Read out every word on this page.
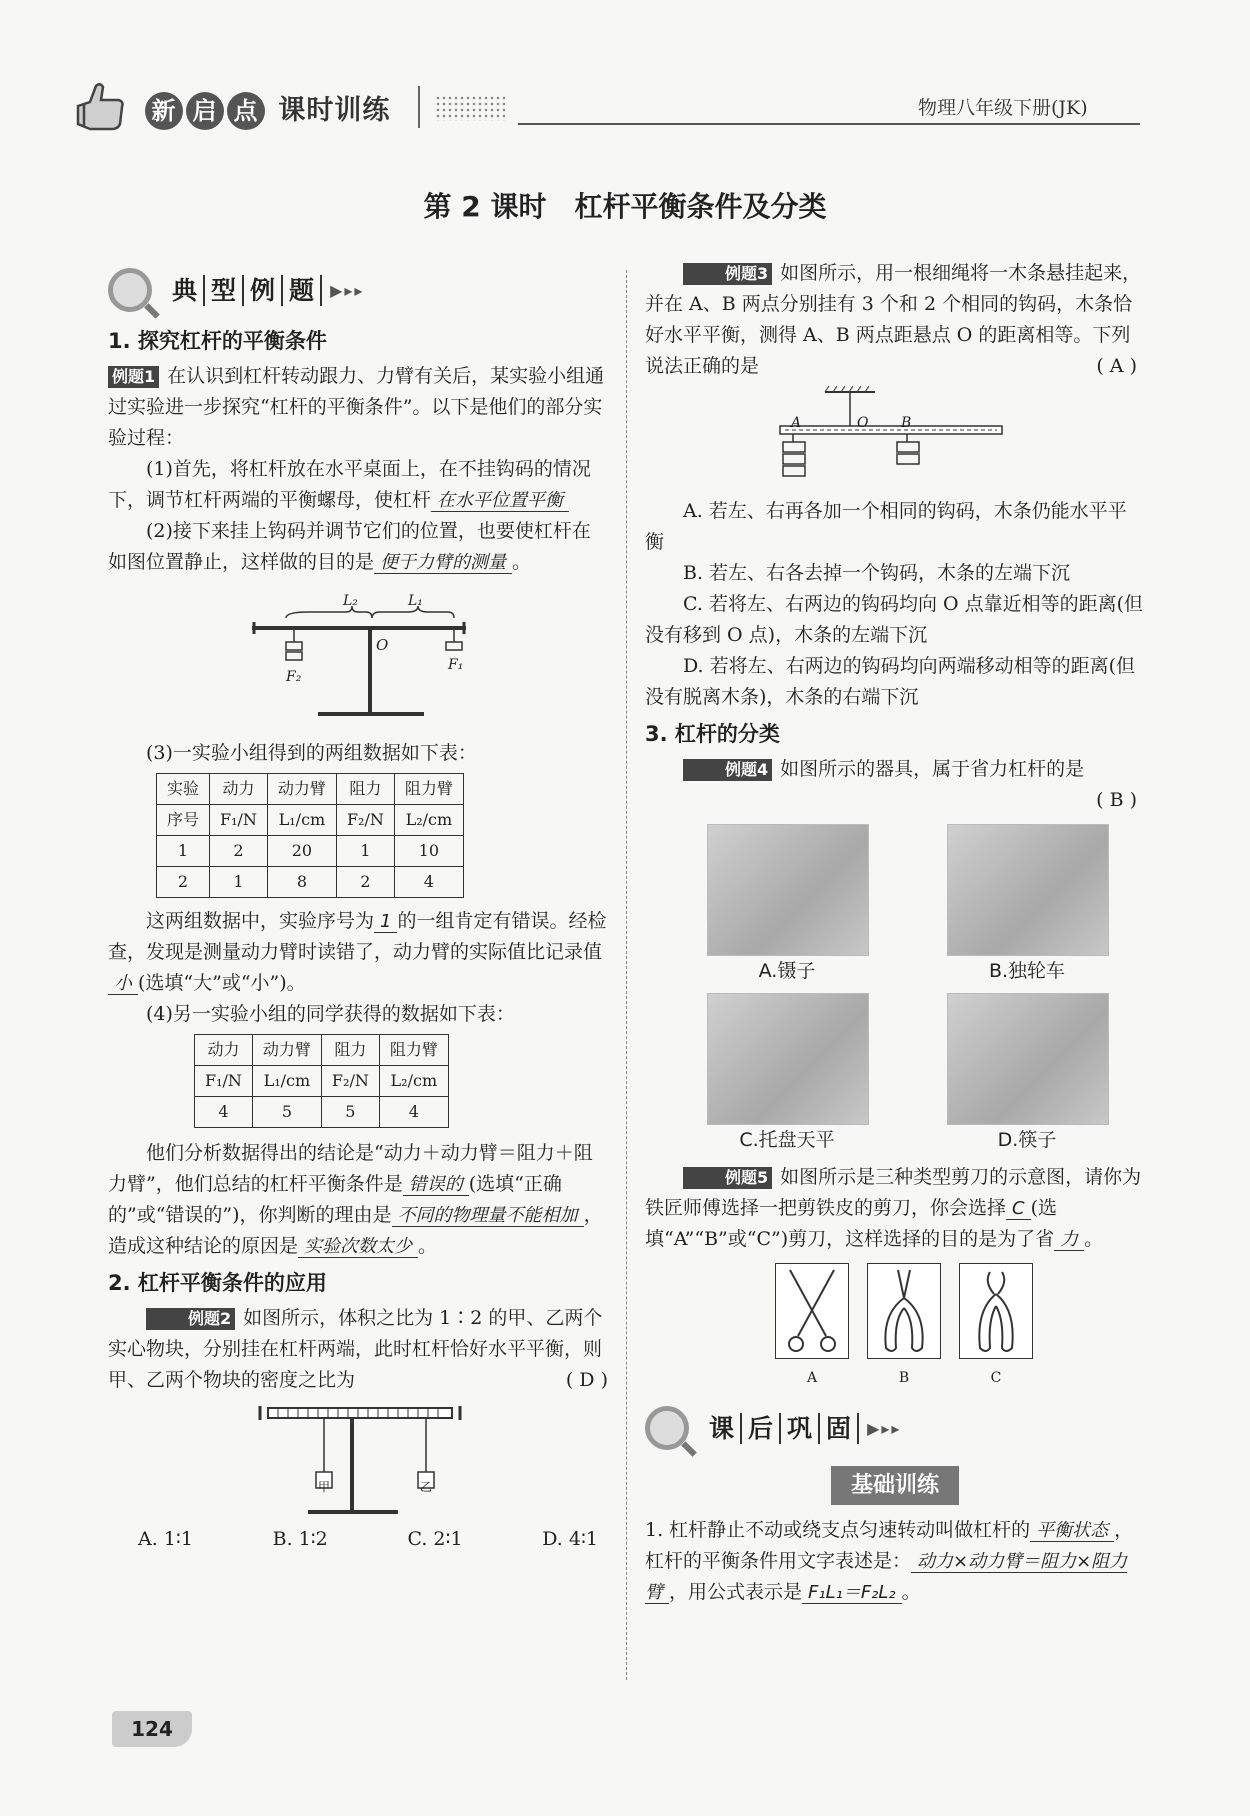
新 启 点 课时训练	物理八年级下册(JK)
第 2 课时　杠杆平衡条件及分类
典 型 例 题	▶▸▸
1. 探究杠杆的平衡条件

例题1 在认识到杠杆转动跟力、力臂有关后，某实验小组通过实验进一步探究“杠杆的平衡条件”。以下是他们的部分实验过程：

(1)首先，将杠杆放在水平桌面上，在不挂钩码的情况下，调节杠杆两端的平衡螺母，使杠杆 在水平位置平衡

(2)接下来挂上钩码并调节它们的位置，也要使杠杆在如图位置静止，这样做的目的是 便于力臂的测量 。

L₂	L₁
O
F₂
F₁

(3)一实验小组得到的两组数据如下表：

实验	动力	动力臂	阻力	阻力臂
序号	F₁/N	L₁/cm	F₂/N	L₂/cm
1	2	20	1	10
2	1	8	2	4

这两组数据中，实验序号为 1 的一组肯定有错误。经检查，发现是测量动力臂时读错了，动力臂的实际值比记录值小 (选填“大”或“小”)。

(4)另一实验小组的同学获得的数据如下表：

动力	动力臂	阻力	阻力臂
F₁/N	L₁/cm	F₂/N	L₂/cm
4	5	5	4

他们分析数据得出的结论是“动力＋动力臂＝阻力＋阻力臂”，他们总结的杠杆平衡条件是 错误的 (选填“正确的”或“错误的”)，你判断的理由是 不同的物理量不能相加 ，造成这种结论的原因是 实验次数太少 。

2. 杠杆平衡条件的应用

例题2 如图所示，体积之比为 1∶2 的甲、乙两个实心物块，分别挂在杠杆两端，此时杠杆恰好水平平衡，则甲、乙两个物块的密度之比为	( D )

甲	乙
A. 1∶1	B. 1∶2	C. 2∶1	D. 4∶1

例题3 如图所示，用一根细绳将一木条悬挂起来，并在 A、B 两点分别挂有 3 个和 2 个相同的钩码，木条恰好水平平衡，测得 A、B 两点距悬点 O 的距离相等。下列说法正确的是	( A )

A	O B

A. 若左、右再各加一个相同的钩码，木条仍能水平平衡

B. 若左、右各去掉一个钩码，木条的左端下沉

C. 若将左、右两边的钩码均向 O 点靠近相等的距离(但没有移到 O 点)，木条的左端下沉

D. 若将左、右两边的钩码均向两端移动相等的距离(但没有脱离木条)，木条的右端下沉

3. 杠杆的分类

例题4 如图所示的器具，属于省力杠杆的是

( B )

A.镊子	B.独轮车
C.托盘天平	D.筷子

例题5 如图所示是三种类型剪刀的示意图，请你为铁匠师傅选择一把剪铁皮的剪刀，你会选择 C (选填“A”“B”或“C”)剪刀，这样选择的目的是为了省 力 。

A	B	C
课 后 巩 固	▶▸▸
基础训练

1. 杠杆静止不动或绕支点匀速转动叫做杠杆的 平衡状态 ，杠杆的平衡条件用文字表述是： 动力×动力臂＝阻力×阻力臂 ，用公式表示是 F₁L₁＝F₂L₂ 。

124
